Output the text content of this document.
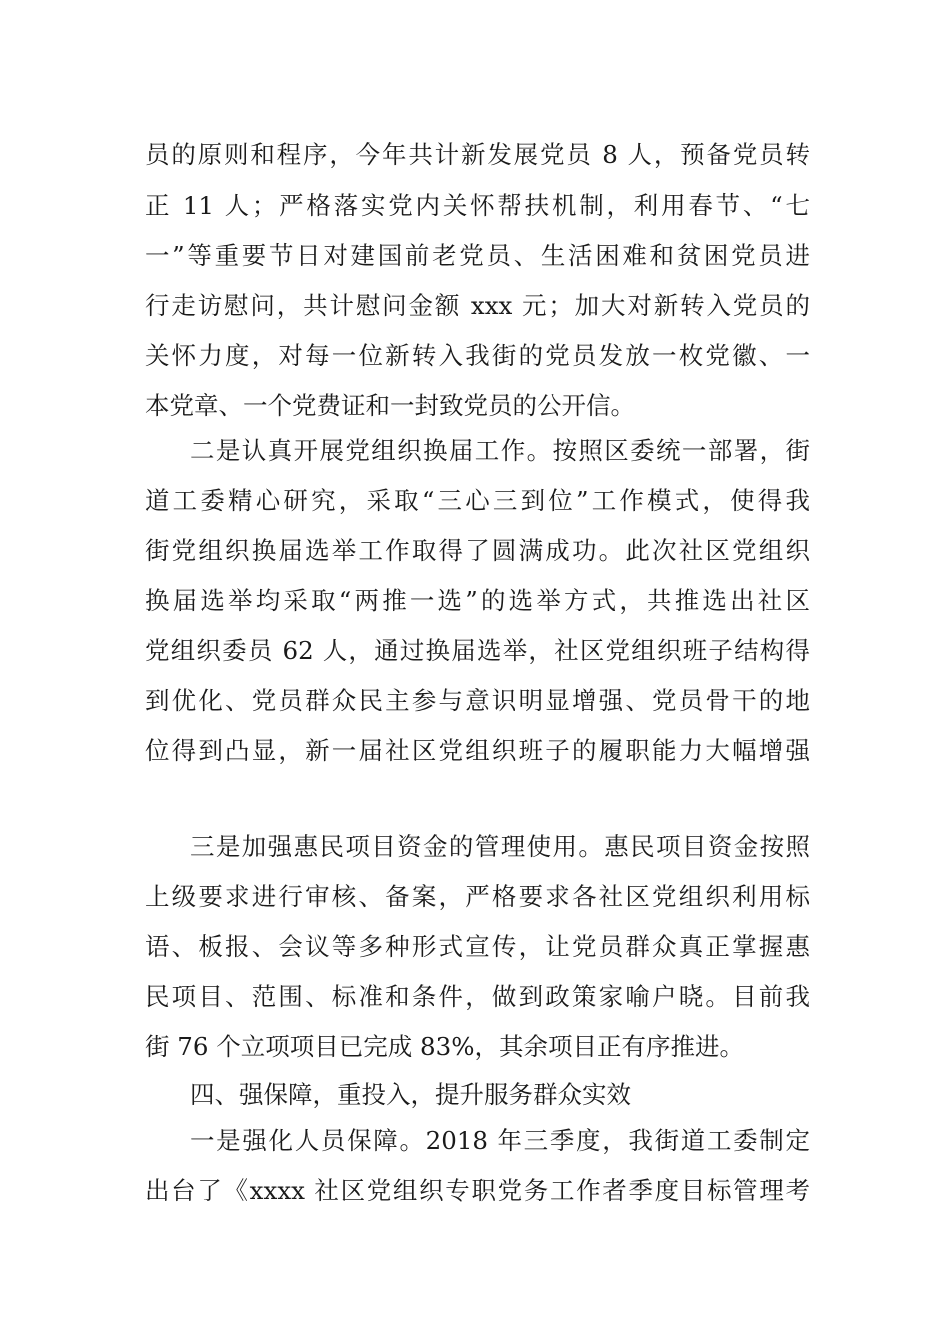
员的原则和程序，今年共计新发展党员 8 人，预备党员转
正 11 人；严格落实党内关怀帮扶机制，利用春节、“七
一”等重要节日对建国前老党员、生活困难和贫困党员进
行走访慰问，共计慰问金额 xxx 元；加大对新转入党员的
关怀力度，对每一位新转入我街的党员发放一枚党徽、一
本党章、一个党费证和一封致党员的公开信。
二是认真开展党组织换届工作。按照区委统一部署，街
道工委精心研究，采取“三心三到位”工作模式，使得我
街党组织换届选举工作取得了圆满成功。此次社区党组织
换届选举均采取“两推一选”的选举方式，共推选出社区
党组织委员 62 人，通过换届选举，社区党组织班子结构得
到优化、党员群众民主参与意识明显增强、党员骨干的地
位得到凸显，新一届社区党组织班子的履职能力大幅增强
三是加强惠民项目资金的管理使用。惠民项目资金按照
上级要求进行审核、备案，严格要求各社区党组织利用标
语、板报、会议等多种形式宣传，让党员群众真正掌握惠
民项目、范围、标准和条件，做到政策家喻户晓。目前我
街 76 个立项项目已完成 83%，其余项目正有序推进。
四、强保障，重投入，提升服务群众实效
一是强化人员保障。2018 年三季度，我街道工委制定
出台了《xxxx 社区党组织专职党务工作者季度目标管理考
